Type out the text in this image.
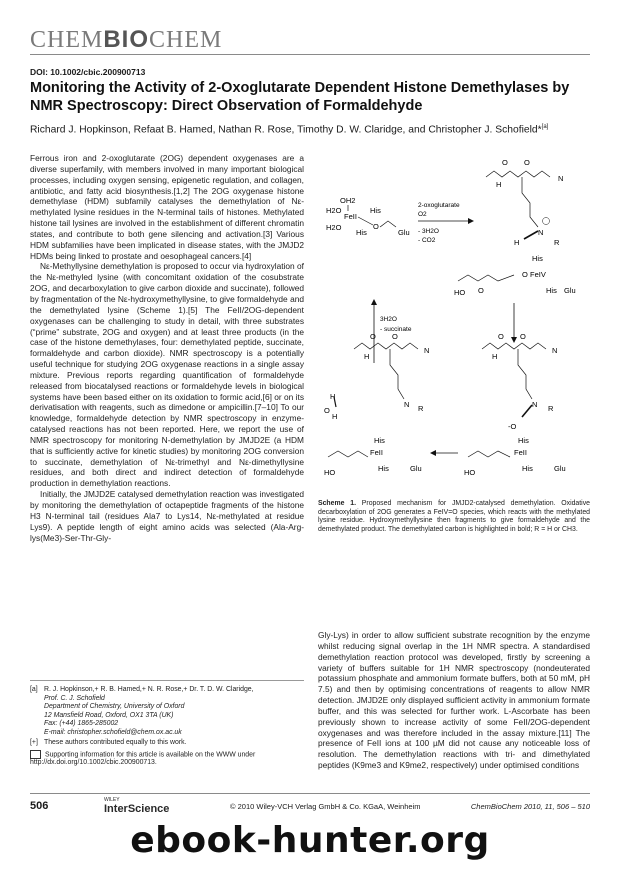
CHEMBIOCHEM
DOI: 10.1002/cbic.200900713
Monitoring the Activity of 2-Oxoglutarate Dependent Histone Demethylases by NMR Spectroscopy: Direct Observation of Formaldehyde
Richard J. Hopkinson, Refaat B. Hamed, Nathan R. Rose, Timothy D. W. Claridge, and Christopher J. Schofield*[a]

Ferrous iron and 2-oxoglutarate (2OG) dependent oxygenases are a diverse superfamily, with members involved in many important biological processes, including oxygen sensing, epigenetic regulation, and collagen, antibiotic, and fatty acid biosynthesis.[1,2] The 2OG oxygenase histone demethylase (HDM) subfamily catalyses the demethylation of Nε-methylated lysine residues in the N-terminal tails of histones. Methylated histone tail lysines are involved in the establishment of different chromatin states, and contribute to both gene silencing and activation.[3] Various HDM subfamilies have been implicated in disease states, with the JMJD2 HDMs being linked to prostate and oesophageal cancers.[4]

Nε-Methyllysine demethylation is proposed to occur via hydroxylation of the Nε-methyled lysine (with concomitant oxidation of the cosubstrate 2OG, and decarboxylation to give carbon dioxide and succinate), followed by fragmentation of the Nε-hydroxymethyllysine, to give formaldehyde and the demethylated lysine (Scheme 1).[5] The FeII/2OG-dependent oxygenases can be challenging to study in detail, with three substrates (“prime” substrate, 2OG and oxygen) and at least three products (in the case of the histone demethylases, four: demethylated peptide, succinate, formaldehyde and carbon dioxide). NMR spectroscopy is a potentially useful technique for studying 2OG oxygenase reactions in a single assay mixture. Previous reports regarding quantification of formaldehyde released from biocatalysed reactions or formaldehyde levels in biological systems have been based either on its oxidation to formic acid,[6] or on its derivatisation with reagents, such as dimedone or ampicillin.[7–10] To our knowledge, formaldehyde detection by NMR spectroscopy in enzyme-catalysed reactions has not been reported. Here, we report the use of NMR spectroscopy for monitoring N-demethylation by JMJD2E (a HDM that is sufficiently active for kinetic studies) by monitoring 2OG conversion to succinate, demethylation of Nε-trimethyl and Nε-dimethyllysine residues, and both direct and indirect detection of formaldehyde production in demethylation reactions.

Initially, the JMJD2E catalysed demethylation reaction was investigated by monitoring the demethylation of octapeptide fragments of the histone H3 N-terminal tail (residues Ala7 to Lys14, Nε-methylated at residue Lys9). A peptide length of eight amino acids was selected (Ala-Arg-lys(Me3)-Ser-Thr-Gly-

OH2
H2O
FeII
His
H2O
His	Glu
O
2-oxoglutarate
O2
- 3H2O
- CO2
O O
N
H
N
H	R
His
O FeIV
His Glu
HO O
3H2O
- succinate
O O
N
H
N R
-O
H
O
H
O O
N
H
N R
His
FeII
His	Glu
HO
His
FeII
His	Glu
HO
Scheme 1. Proposed mechanism for JMJD2-catalysed demethylation. Oxidative decarboxylation of 2OG generates a FeIV=O species, which reacts with the methylated lysine residue. Hydroxymethyllysine then fragments to give formaldehyde and the demethylated product. The demethylated carbon is highlighted in bold; R = H or CH3.

Gly-Lys) in order to allow sufficient substrate recognition by the enzyme whilst reducing signal overlap in the 1H NMR spectra. A standardised demethylation reaction protocol was developed, firstly by screening a variety of buffers suitable for 1H NMR spectroscopy (nondeuterated potassium phosphate and ammonium formate buffers, both at 50 mM, pH 7.5) and then by optimising concentrations of reagents to allow NMR detection. JMJD2E only displayed sufficient activity in ammonium formate buffer, and this was selected for further work. L-Ascorbate has been previously shown to increase activity of some FeII/2OG-dependent oxygenases and was therefore included in the assay mixture.[11] The presence of FeII ions at 100 µM did not cause any noticeable loss of resolution. The demethylation reactions with tri- and dimethylated peptides (K9me3 and K9me2, respectively) under optimised conditions

[a] R. J. Hopkinson,+ R. B. Hamed,+ N. R. Rose,+ Dr. T. D. W. Claridge,
Prof. C. J. Schofield
Department of Chemistry, University of Oxford
12 Mansfield Road, Oxford, OX1 3TA (UK)
Fax: (+44) 1865-285002
E-mail: christopher.schofield@chem.ox.ac.uk
[+] These authors contributed equally to this work.
Supporting information for this article is available on the WWW under http://dx.doi.org/10.1002/cbic.200900713.
506	WILEY
InterScience	© 2010 Wiley-VCH Verlag GmbH & Co. KGaA, Weinheim	ChemBioChem 2010, 11, 506 – 510
ebook-hunter.org
